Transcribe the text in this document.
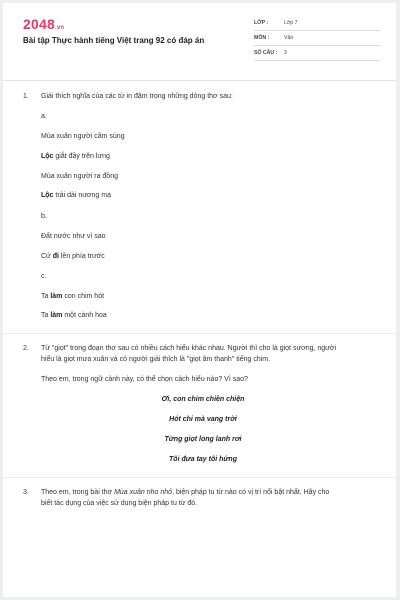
2048.vn
Bài tập Thực hành tiếng Việt trang 92 có đáp án
LỚP :	Lớp 7
MÔN :	Văn
SỐ CÂU :	3
1. Giải thích nghĩa của các từ in đậm trong những dòng thơ sau:
a.
Mùa xuân người cầm súng
Lộc giắt đầy trên lưng
Mùa xuân người ra đồng
Lộc trải dài nương mạ
b.
Đất nước như vì sao
Cứ đi lên phía trước
c.
Ta làm con chim hót
Ta làm một cành hoa
2. Từ "giọt" trong đoạn thơ sau có nhiều cách hiểu khác nhau. Người thì cho là giọt sương, người
hiểu là giọt mưa xuân và có người giải thích là "giọt âm thanh" tiếng chim.
Theo em, trong ngữ cảnh này, có thể chọn cách hiểu nào? Vì sao?
Ơi, con chim chiền chiện
Hót chi mà vang trời
Từng giọt long lanh rơi
Tôi đưa tay tôi hứng
3. Theo em, trong bài thơ Mùa xuân nho nhỏ, biện pháp tu từ nào có vị trí nổi bật nhất. Hãy cho
biết tác dụng của việc sử dụng biện pháp tu từ đó.
